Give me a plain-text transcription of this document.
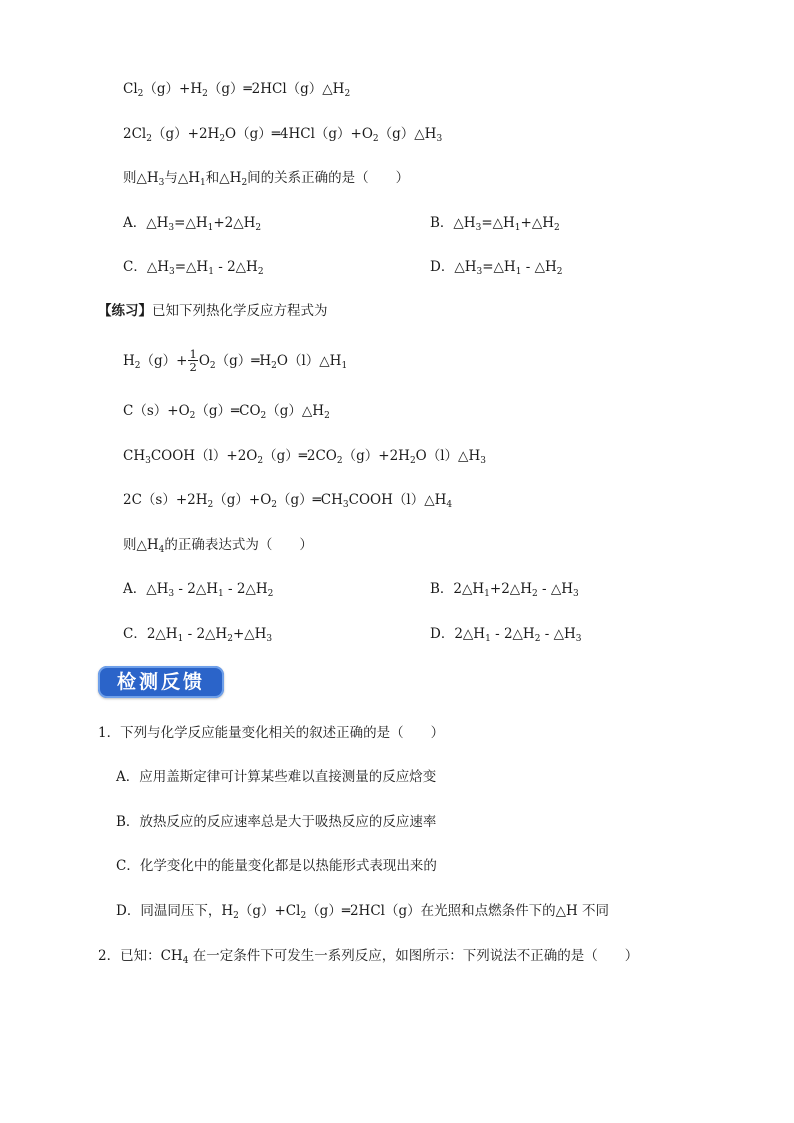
$Cl_2(g)+H_2(g)═2HCl(g)\triangle H_2$
$2Cl_2(g)+2H_2O(g)═4HCl(g)+O_2(g)\triangle H_3$
则$\triangle H_3$与$\triangle H_1$和$\triangle H_2$间的关系正确的是（　　）
A．$\triangle H_3=\triangle H_1+2\triangle H_2$	B．$\triangle H_3=\triangle H_1+\triangle H_2$
C．$\triangle H_3=\triangle H_1$ - $2\triangle H_2$	D．$\triangle H_3=\triangle H_1$ - $\triangle H_2$
【练习】已知下列热化学反应方程式为
$H_2(g)+ \frac{1}{2}$ $O_2(g)═H_2O(l)\triangle H_1$
$C(s)+O_2(g)═CO_2(g)\triangle H_2$
$CH_3COOH(l)+2O_2(g)═2CO_2(g)+2H_2O(l)\triangle H_3$
$2C(s)+2H_2(g)+O_2(g)═CH_3COOH(l)\triangle H_4$
则$\triangle H_4$的正确表达式为（　　）
A．$\triangle H_3$ - $2\triangle H_1$ - $2\triangle H_2$	B．$2\triangle H_1+2\triangle H_2$ - $\triangle H_3$
C．$2\triangle H_1$ - $2\triangle H_2+\triangle H_3$	D．$2\triangle H_1$ - $2\triangle H_2$ - $\triangle H_3$
检测反馈
1．下列与化学反应能量变化相关的叙述正确的是（　　）
A．应用盖斯定律可计算某些难以直接测量的反应焓变
B．放热反应的反应速率总是大于吸热反应的反应速率
C．化学变化中的能量变化都是以热能形式表现出来的
D．同温同压下，$H_2(g)+Cl_2(g)═2HCl(g)$在光照和点燃条件下的△H 不同
2．已知：$CH_4$ 在一定条件下可发生一系列反应，如图所示：下列说法不正确的是（　　）
